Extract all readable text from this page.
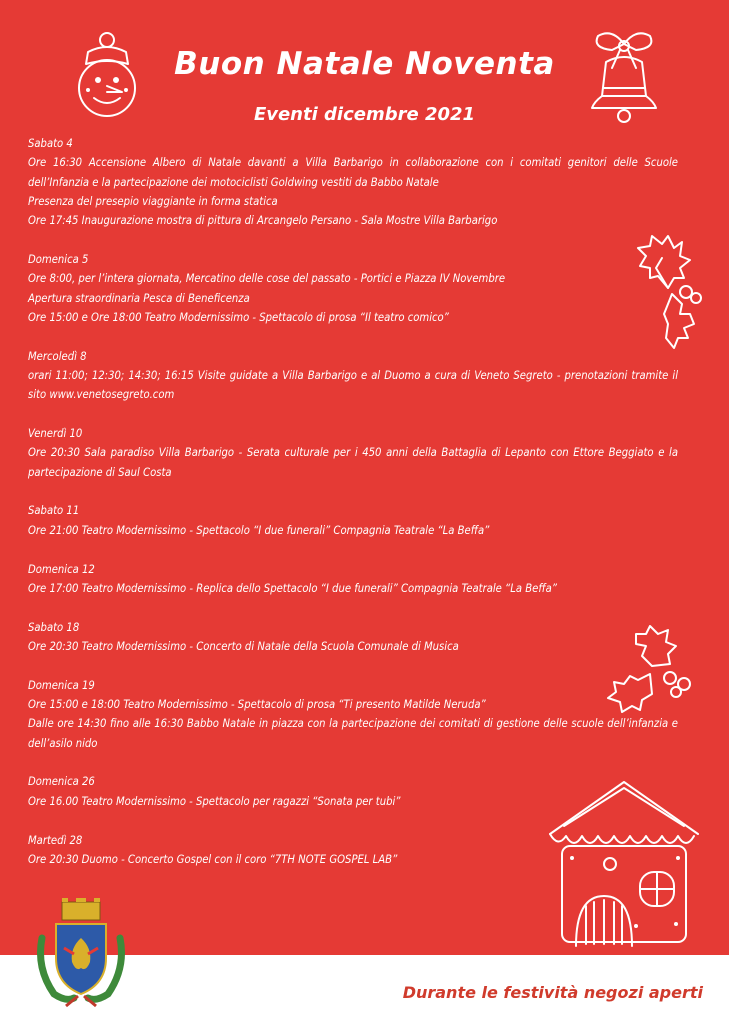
Buon Natale Noventa
Eventi dicembre 2021
Sabato 4
Ore 16:30 Accensione Albero di Natale davanti a Villa Barbarigo in collaborazione con i comitati genitori delle Scuole dell’Infanzia e la partecipazione dei motociclisti Goldwing vestiti da Babbo Natale
Presenza del presepio viaggiante in forma statica
Ore 17:45 Inaugurazione mostra di pittura di Arcangelo Persano - Sala Mostre Villa Barbarigo
Domenica 5
Ore 8:00, per l’intera giornata, Mercatino delle cose del passato - Portici e Piazza IV Novembre
Apertura straordinaria Pesca di Beneficenza
Ore 15:00 e Ore 18:00 Teatro Modernissimo - Spettacolo di prosa “Il teatro comico”
Mercoledì 8
orari 11:00; 12:30; 14:30; 16:15 Visite guidate a Villa Barbarigo e al Duomo a cura di Veneto Segreto - prenotazioni tramite il sito www.venetosegreto.com
Venerdì 10
Ore 20:30 Sala paradiso Villa Barbarigo - Serata culturale per i 450 anni della Battaglia di Lepanto con Ettore Beggiato e la partecipazione di Saul Costa
Sabato 11
Ore 21:00 Teatro Modernissimo - Spettacolo “I due funerali” Compagnia Teatrale “La Beffa”
Domenica 12
Ore 17:00 Teatro Modernissimo - Replica dello Spettacolo “I due funerali” Compagnia Teatrale “La Beffa”
Sabato 18
Ore 20:30 Teatro Modernissimo - Concerto di Natale della Scuola Comunale di Musica
Domenica 19
Ore 15:00 e 18:00 Teatro Modernissimo - Spettacolo di prosa “Ti presento Matilde Neruda”
Dalle ore 14:30 fino alle 16:30 Babbo Natale in piazza con la partecipazione dei comitati di gestione delle scuole dell’infanzia e dell’asilo nido
Domenica 26
Ore 16.00 Teatro Modernissimo - Spettacolo per ragazzi “Sonata per tubi”
Martedì 28
Ore 20:30 Duomo - Concerto Gospel con il coro “7TH NOTE GOSPEL LAB”
Durante le festività negozi aperti
